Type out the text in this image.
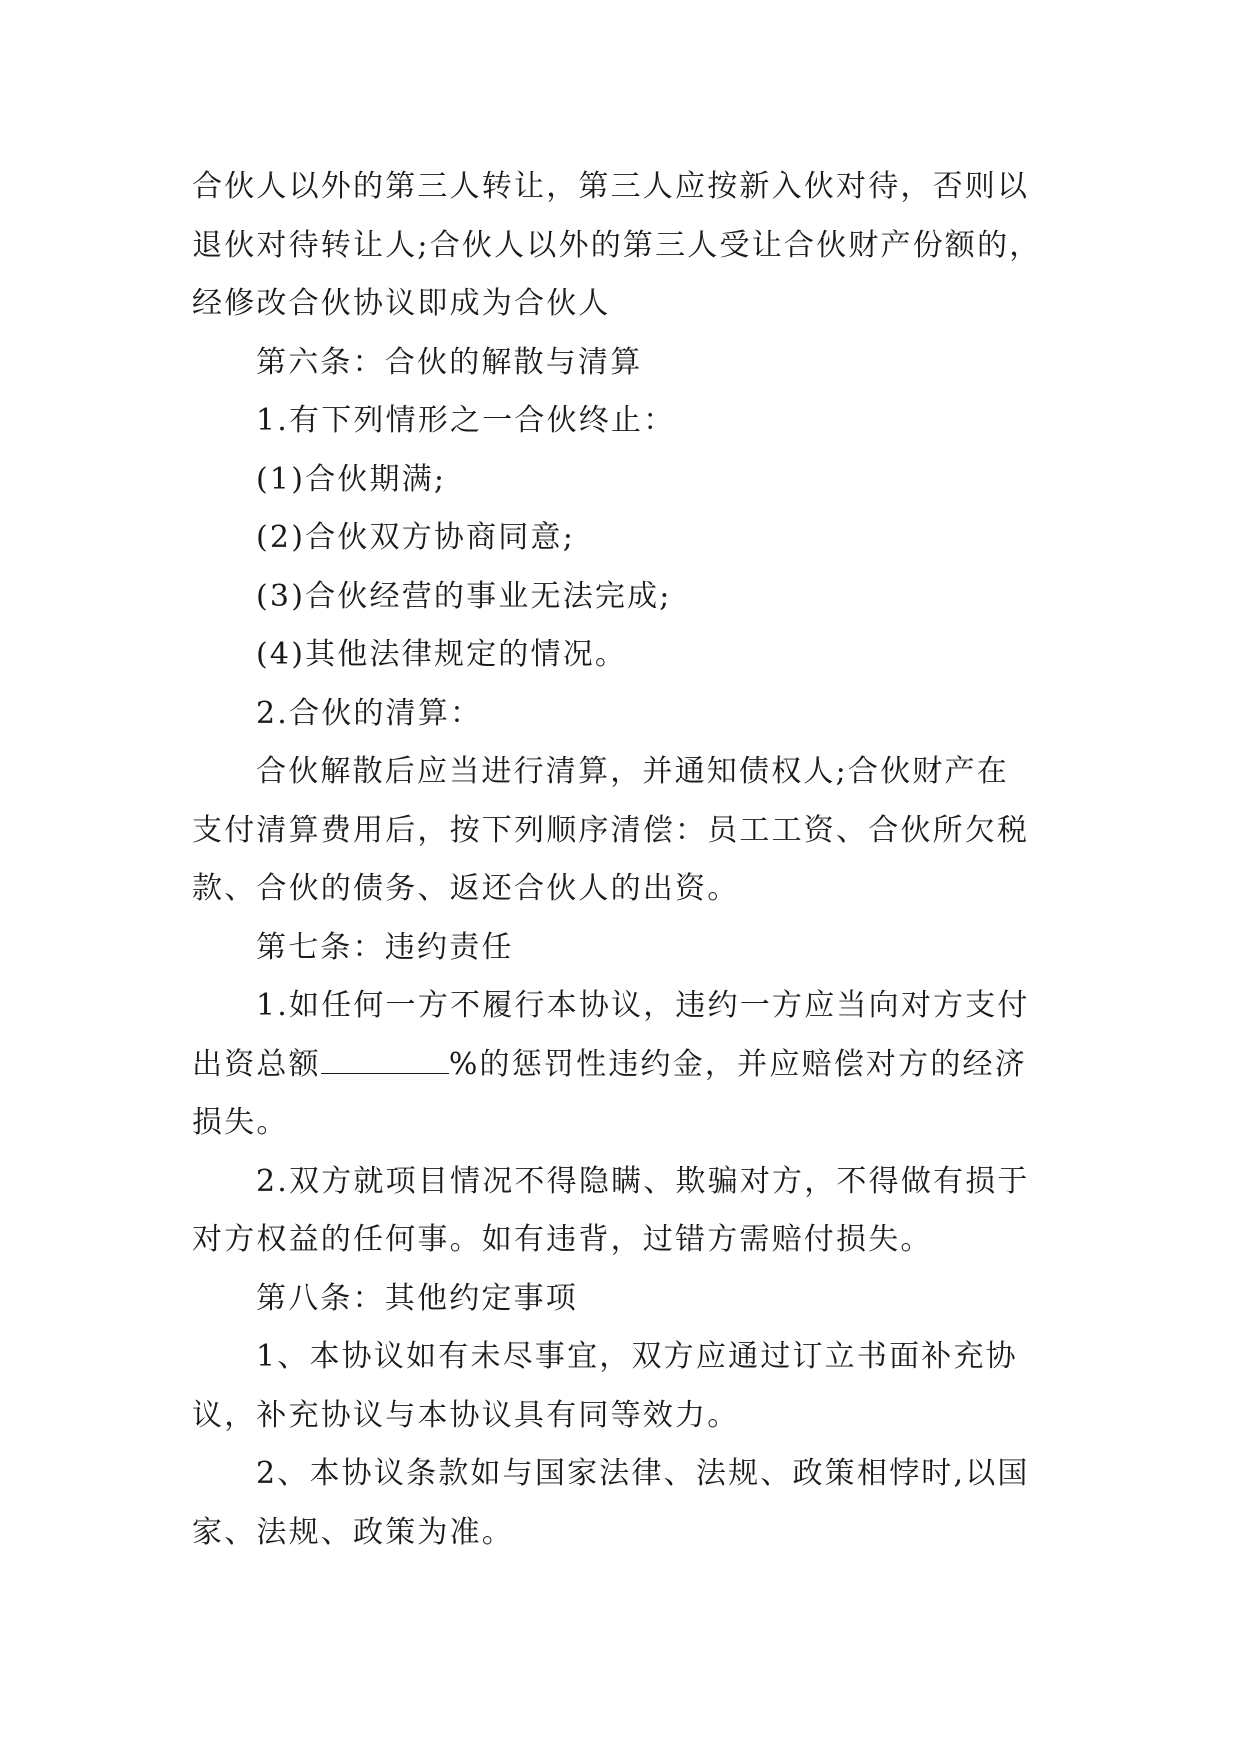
合伙人以外的第三人转让，第三人应按新入伙对待，否则以

退伙对待转让人;合伙人以外的第三人受让合伙财产份额的，

经修改合伙协议即成为合伙人

第六条：合伙的解散与清算

1.有下列情形之一合伙终止：

(1)合伙期满;

(2)合伙双方协商同意;

(3)合伙经营的事业无法完成;

(4)其他法律规定的情况。

2.合伙的清算：

合伙解散后应当进行清算，并通知债权人;合伙财产在

支付清算费用后，按下列顺序清偿：员工工资、合伙所欠税

款、合伙的债务、返还合伙人的出资。

第七条：违约责任

1.如任何一方不履行本协议，违约一方应当向对方支付

出资总额	%的惩罚性违约金，并应赔偿对方的经济

损失。

2.双方就项目情况不得隐瞒、欺骗对方，不得做有损于

对方权益的任何事。如有违背，过错方需赔付损失。

第八条：其他约定事项

1、本协议如有未尽事宜，双方应通过订立书面补充协

议，补充协议与本协议具有同等效力。

2、本协议条款如与国家法律、法规、政策相悖时,以国

家、法规、政策为准。
